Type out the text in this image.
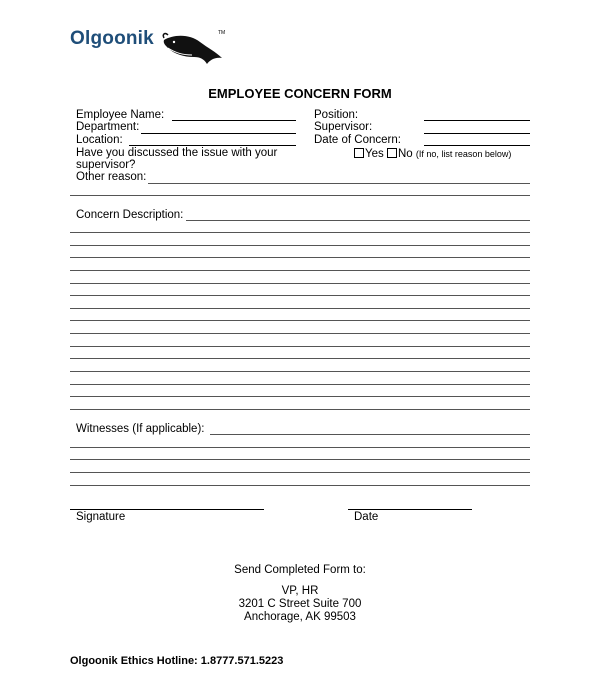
Olgoonik	TM
EMPLOYEE CONCERN FORM
Employee Name:
Department:
Location:
Have you discussed the issue with your
supervisor?
Other reason:
Position:
Supervisor:
Date of Concern:
Yes No (If no, list reason below)
Concern Description:
Witnesses (If applicable):
Signature	Date
Send Completed Form to:
VP, HR
3201 C Street Suite 700
Anchorage, AK 99503
Olgoonik Ethics Hotline: 1.8777.571.5223
